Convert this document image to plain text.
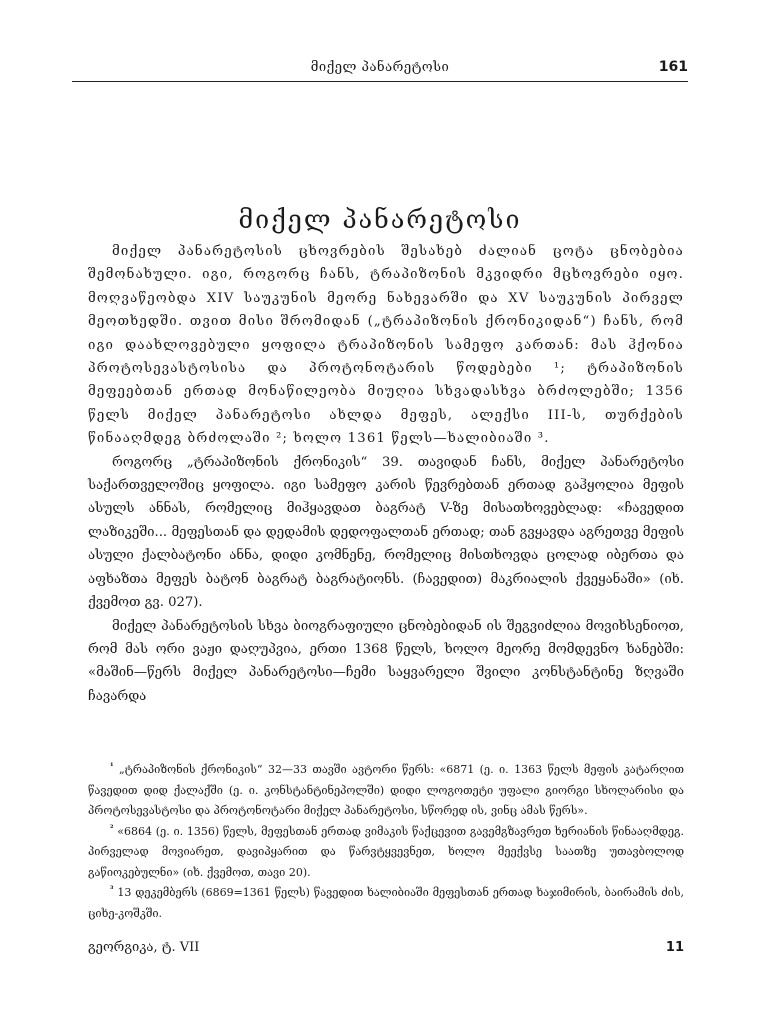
მიქელ პანარეტოსი	161
მიქელ პანარეტოსი

მიქელ პანარეტოსის ცხოვრების შესახებ ძალიან ცოტა ცნობებია შემონახული. იგი, როგორც ჩანს, ტრაპიზონის მკვიდრი მცხოვრები იყო. მოღვაწეობდა XIV საუკუნის მეორე ნახევარში და XV საუკუნის პირველ მეოთხედში. თვით მისი შრომიდან („ტრაპიზონის ქრონიკიდან“) ჩანს, რომ იგი დაახლოვებული ყოფილა ტრაპიზონის სამეფო კართან: მას ჰქონია პროტოსევასტოსისა და პროტონოტარის წოდებები ¹; ტრაპიზონის მეფეებთან ერთად მონაწილეობა მიუღია სხვადასხვა ბრძოლებში; 1356 წელს მიქელ პანარეტოსი ახლდა მეფეს, ალექსი III-ს, თურქების წინააღმდეგ ბრძოლაში ²; ხოლო 1361 წელს—ხალიბიაში ³.

როგორც „ტრაპიზონის ქრონიკის“ 39. თავიდან ჩანს, მიქელ პანარეტოსი საქართველოშიც ყოფილა. იგი სამეფო კარის წევრებთან ერთად გაჰყოლია მეფის ასულს ანნას, რომელიც მიჰყავდათ ბაგრატ V-ზე მისათხოვებლად: «ჩავედით ლაზიკეში... მეფესთან და დედამის დედოფალთან ერთად; თან გვყავდა აგრეთვე მეფის ასული ქალბატონი ანნა, დიდი კომნენე, რომელიც მისთხოვდა ცოლად იბერთა და აფხაზთა მეფეს ბატონ ბაგრატ ბაგრატიონს. (ჩავედით) მაკრიალის ქვეყანაში» (იხ. ქვემოთ გვ. 027).

მიქელ პანარეტოსის სხვა ბიოგრაფიული ცნობებიდან ის შეგვიძლია მოვიხსენიოთ, რომ მას ორი ვაჟი დაღუპვია, ერთი 1368 წელს, ხოლო მეორე მომდევნო ხანებში: «მაშინ—წერს მიქელ პანარეტოსი—ჩემი საყვარელი შვილი კონსტანტინე ზღვაში ჩავარდა

$^{^1}$ „ტრაპიზონის ქრონიკის“ 32—33 თავში ავტორი წერს: «6871 (ე. ი. 1363 წელს მეფის კატარღით წავედით დიდ ქალაქში (ე. ი. კონსტანტინეპოლში) დიდი ლოგოთეტი უფალი გიორგი სხოლარისი და პროტოსევასტოსი და პროტონოტარი მიქელ პანარეტოსი, სწორედ ის, ვინც ამას წერს».

$^{^2}$ «6864 (ე. ი. 1356) წელს, მეფესთან ერთად ვიმაკის წაქცევით გავემგზავრეთ ხერიანის წინააღმდეგ. პირველად მოვიარეთ, დავიპყარით და წარვტყვევნეთ, ხოლო მეექვსე საათზე უთავბოლოდ გაწიოკებულნი» (იხ. ქვემოთ, თავი 20).

$^{^3}$ 13 დეკემბერს (6869=1361 წელს) წავედით ხალიბიაში მეფესთან ერთად ხაჯიმირის, ბაირამის ძის, ციხე-კოშკში.

გეორგიკა, ტ. VII	11
